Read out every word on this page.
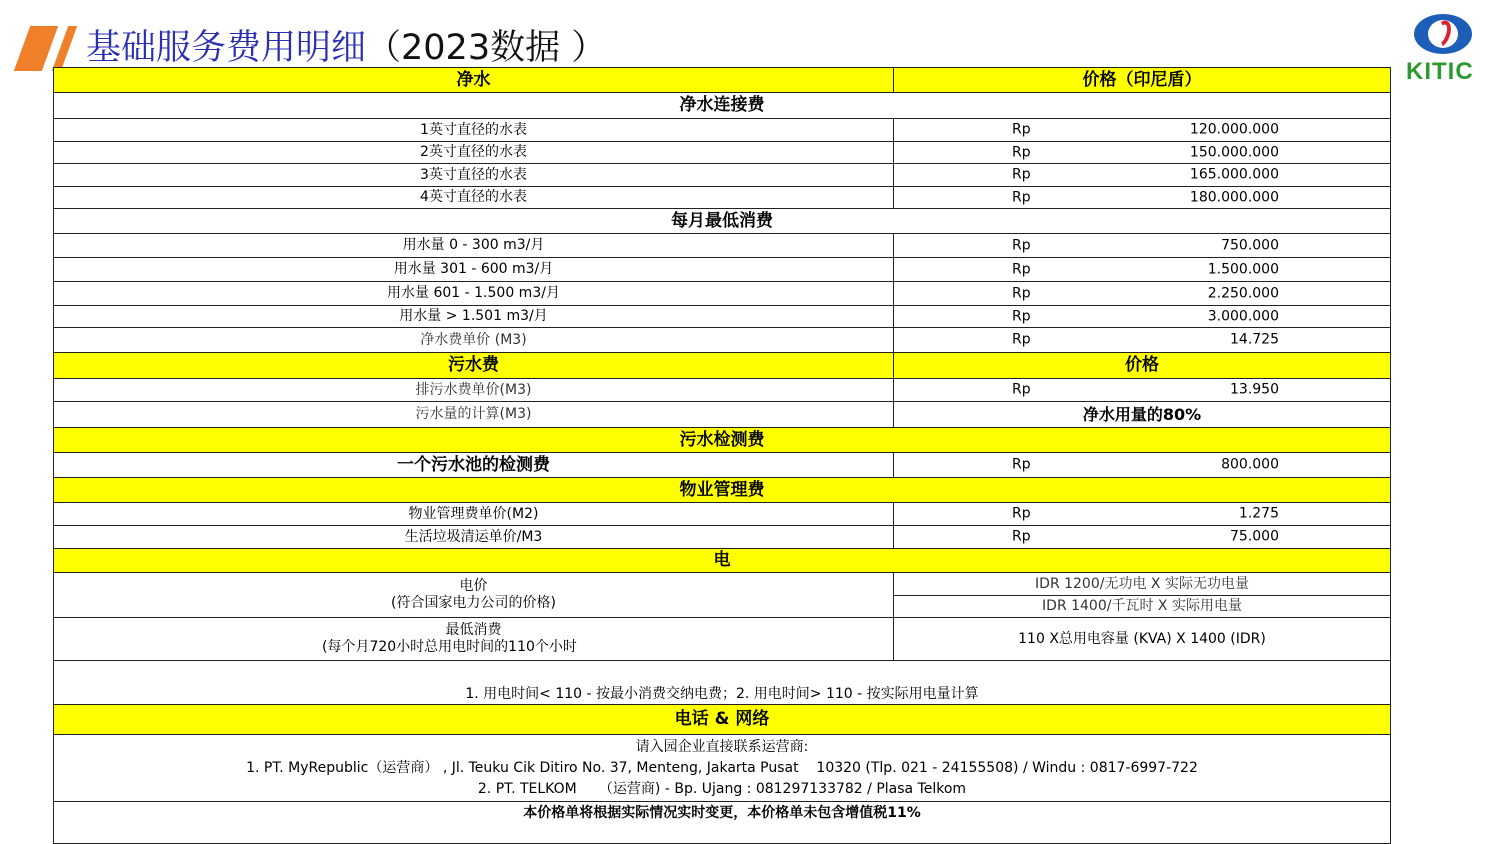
基础服务费用明细（2023数据 ）
KITIC
净水	价格（印尼盾）
净水连接费	
1英寸直径的水表	Rp 120.000.000

2英寸直径的水表	Rp 150.000.000

3英寸直径的水表	Rp 165.000.000

4英寸直径的水表	Rp 180.000.000

每月最低消费	
用水量 0 - 300 m3/月	Rp 750.000

用水量 301 - 600 m3/月	Rp 1.500.000

用水量 601 - 1.500 m3/月	Rp 2.250.000

用水量 > 1.501 m3/月	Rp 3.000.000

净水费单价 (M3)	Rp 14.725

污水费	价格
排污水费单价(M3)	Rp 13.950

污水量的计算(M3)	净水用量的80%
污水检测费	
一个污水池的检测费	Rp 800.000

物业管理费	
物业管理费单价(M2)	Rp 1.275

生活垃圾清运单价/M3	Rp 75.000

电	

电价
(符合国家电力公司的价格)	IDR 1200/无功电 X 实际无功电量
	IDR 1400/千瓦时 X 实际用电量

最低消费
(每个月720小时总用电时间的110个小时	110 X总用电容量 (KVA) X 1400 (IDR)
1. 用电时间< 110 - 按最小消费交纳电费；2. 用电时间> 110 - 按实际用电量计算	
电话 & 网络	

请入园企业直接联系运营商:
1. PT. MyRepublic（运营商） , Jl. Teuku Cik Ditiro No. 37, Menteng, Jakarta Pusat    10320 (Tlp. 021 - 24155508) / Windu : 0817-6997-722
2. PT. TELKOM     （运营商) - Bp. Ujang : 081297133782 / Plasa Telkom	

本价格单将根据实际情况实时变更，本价格单未包含增值税11%	
